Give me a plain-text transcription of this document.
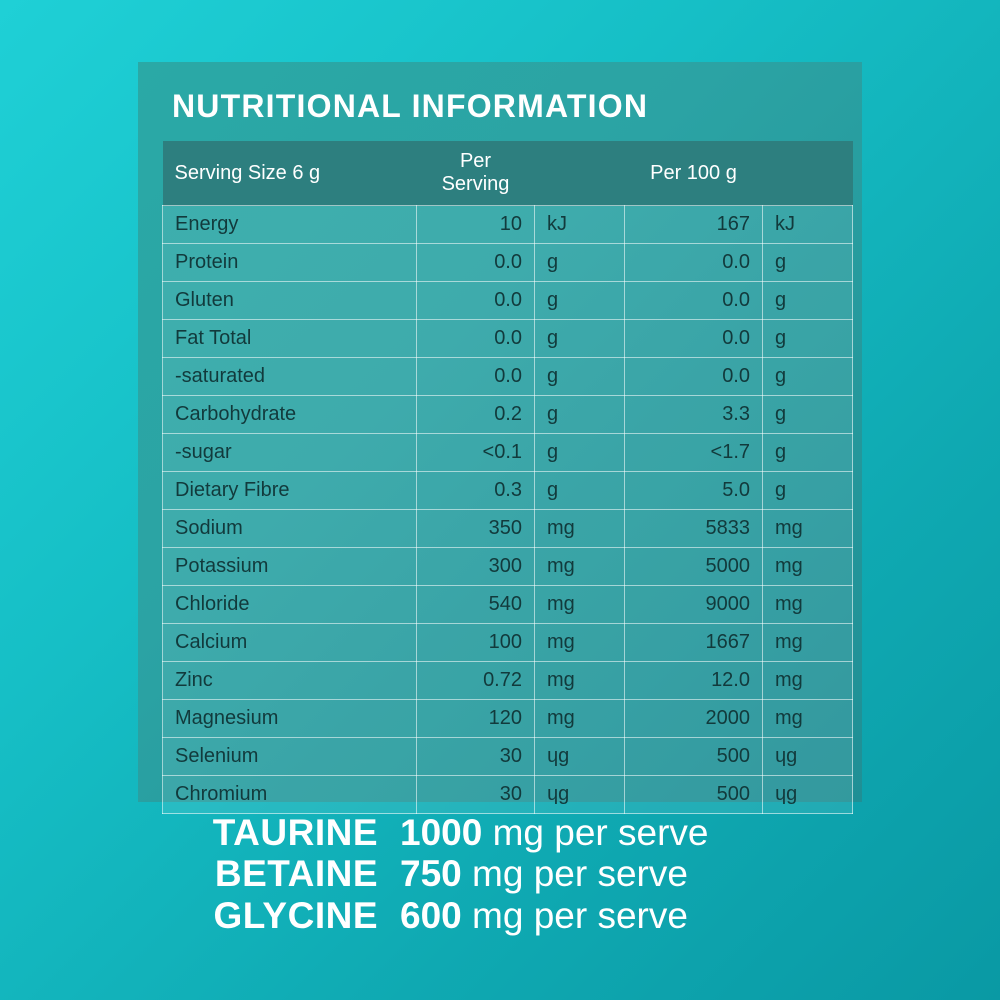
NUTRITIONAL INFORMATION
Serving Size 6 g	Per Serving		Per 100 g	
Energy	10	kJ	167	kJ
Protein	0.0	g	0.0	g
Gluten	0.0	g	0.0	g
Fat Total	0.0	g	0.0	g
-saturated	0.0	g	0.0	g
Carbohydrate	0.2	g	3.3	g
-sugar	<0.1	g	<1.7	g
Dietary Fibre	0.3	g	5.0	g
Sodium	350	mg	5833	mg
Potassium	300	mg	5000	mg
Chloride	540	mg	9000	mg
Calcium	100	mg	1667	mg
Zinc	0.72	mg	12.0	mg
Magnesium	120	mg	2000	mg
Selenium	30	ɥg	500	ɥg
Chromium	30	ɥg	500	ɥg
TAURINE 1000 mg per serve
BETAINE 750 mg per serve
GLYCINE 600 mg per serve
